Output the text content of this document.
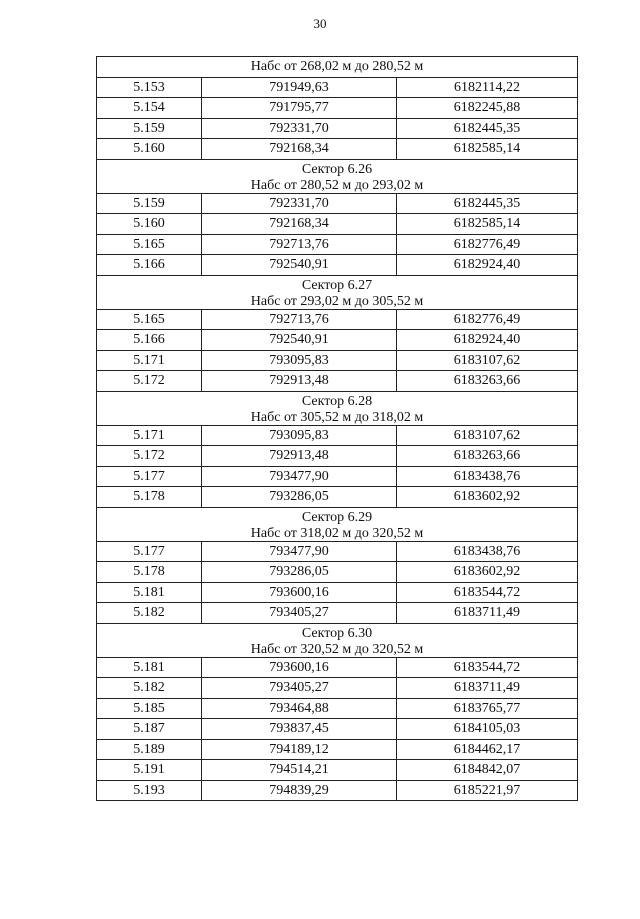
30
Набс от 268,02 м до 280,52 м		
5.153	791949,63	6182114,22
5.154	791795,77	6182245,88
5.159	792331,70	6182445,35
5.160	792168,34	6182585,14

Сектор 6.26
Набс от 280,52 м до 293,02 м		

5.159	792331,70	6182445,35
5.160	792168,34	6182585,14
5.165	792713,76	6182776,49
5.166	792540,91	6182924,40

Сектор 6.27
Набс от 293,02 м до 305,52 м		

5.165	792713,76	6182776,49
5.166	792540,91	6182924,40
5.171	793095,83	6183107,62
5.172	792913,48	6183263,66

Сектор 6.28
Набс от 305,52 м до 318,02 м		

5.171	793095,83	6183107,62
5.172	792913,48	6183263,66
5.177	793477,90	6183438,76
5.178	793286,05	6183602,92

Сектор 6.29
Набс от 318,02 м до 320,52 м		

5.177	793477,90	6183438,76
5.178	793286,05	6183602,92
5.181	793600,16	6183544,72
5.182	793405,27	6183711,49

Сектор 6.30
Набс от 320,52 м до 320,52 м		

5.181	793600,16	6183544,72
5.182	793405,27	6183711,49
5.185	793464,88	6183765,77
5.187	793837,45	6184105,03
5.189	794189,12	6184462,17
5.191	794514,21	6184842,07
5.193	794839,29	6185221,97
